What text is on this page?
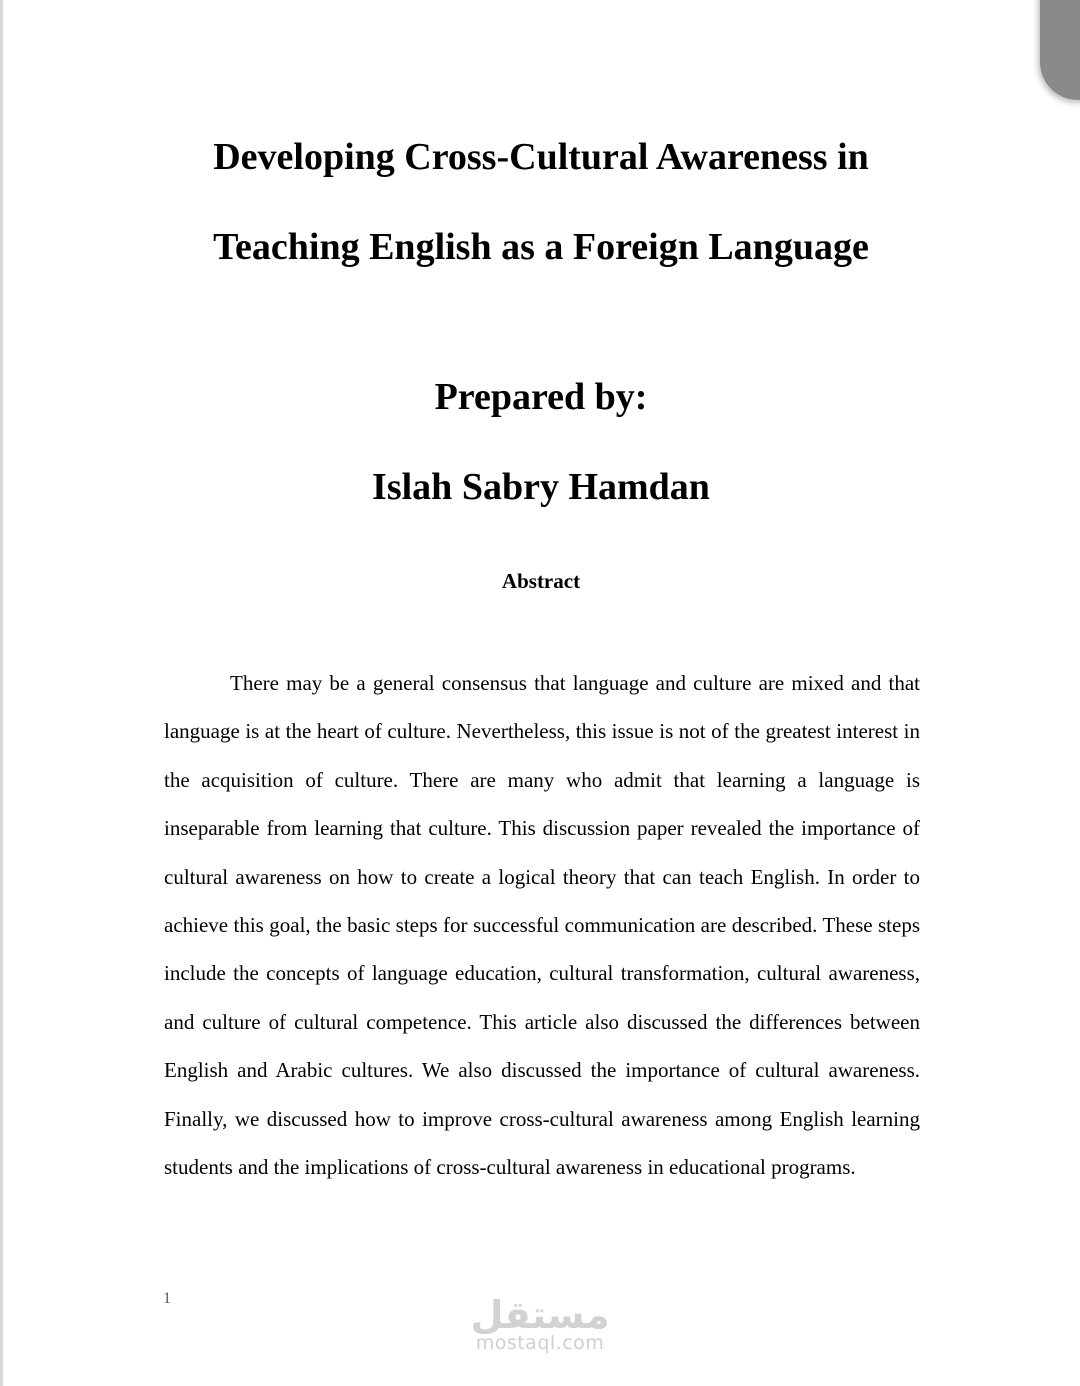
Developing Cross-Cultural Awareness in
Teaching English as a Foreign Language
Prepared by:
Islah Sabry Hamdan
Abstract

There may be a general consensus that language and culture are mixed and that language is at the heart of culture. Nevertheless, this issue is not of the greatest interest in the acquisition of culture. There are many who admit that learning a language is inseparable from learning that culture. This discussion paper revealed the importance of cultural awareness on how to create a logical theory that can teach English. In order to achieve this goal, the basic steps for successful communication are described. These steps include the concepts of language education, cultural transformation, cultural awareness, and culture of cultural competence. This article also discussed the differences between English and Arabic cultures. We also discussed the importance of cultural awareness. Finally, we discussed how to improve cross-cultural awareness among English learning students and the implications of cross-cultural awareness in educational programs.

1	مستقل
mostaql.com
